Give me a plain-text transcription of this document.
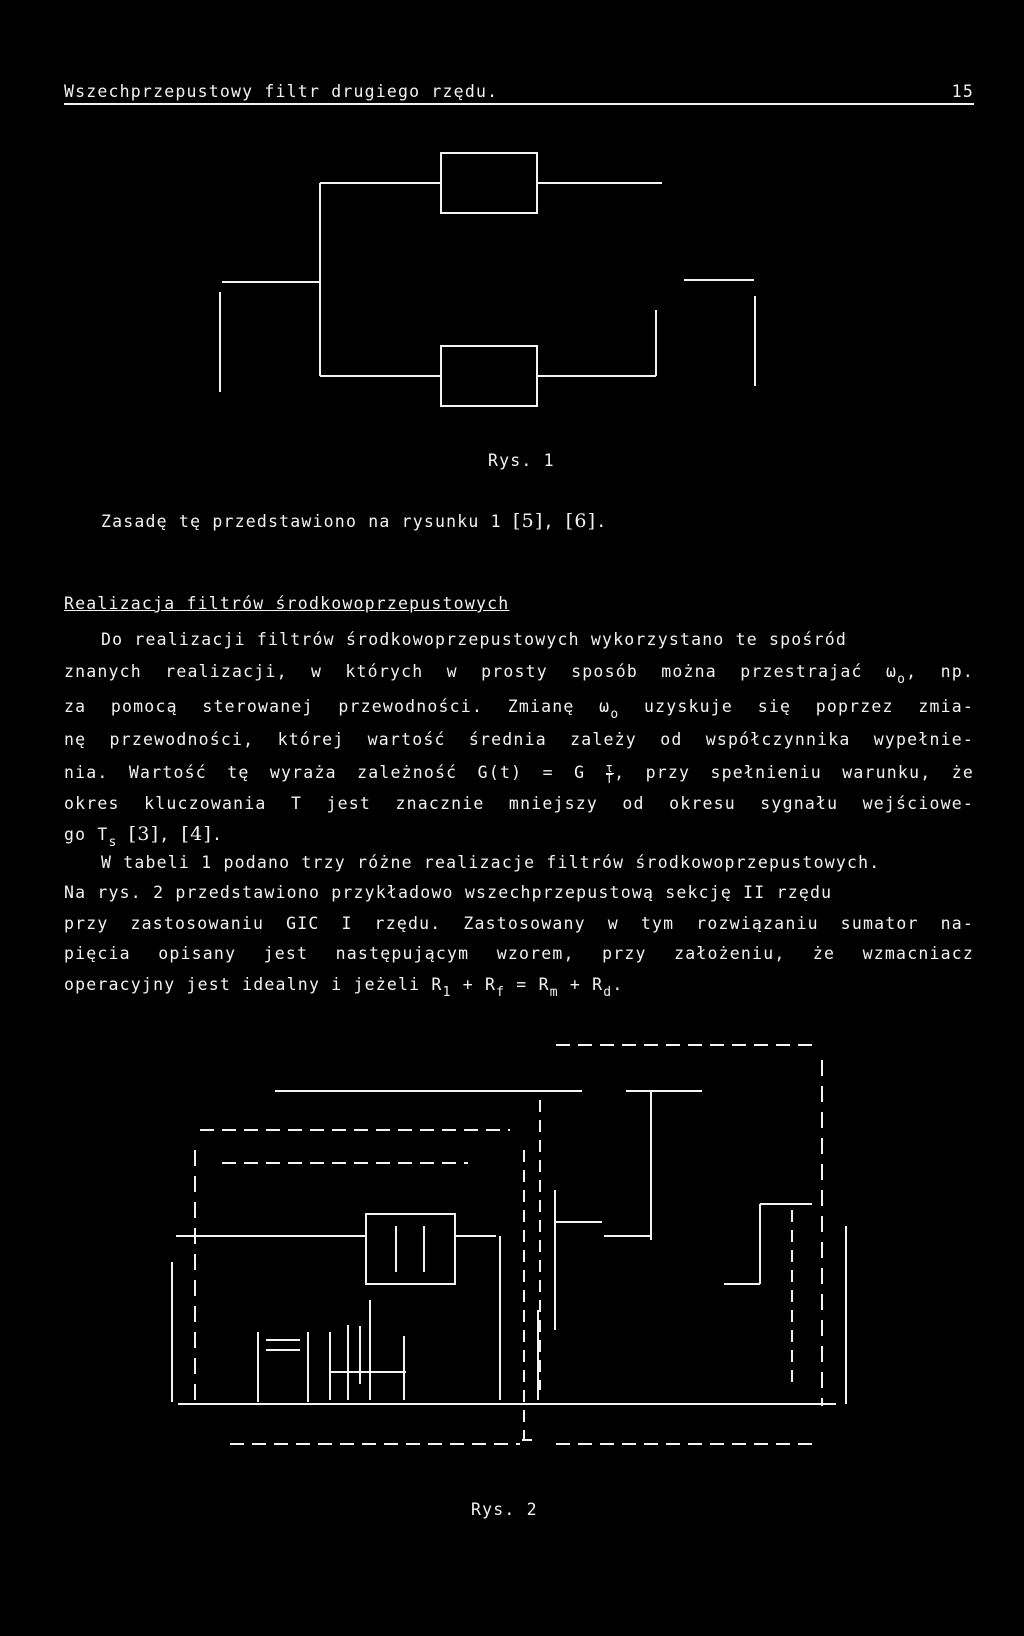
Wszechprzepustowy filtr drugiego rzędu.	15
Rys. 1
Zasadę tę przedstawiono na rysunku 1 [5], [6].
Realizacja filtrów środkowoprzepustowych
Do realizacji filtrów środkowoprzepustowych wykorzystano te spośród
znanych realizacji, w których w prosty sposób można przestrajać $\omega_o$, np.
za pomocą sterowanej przewodności. Zmianę $\omega_o$ uzyskuje się poprzez zmia-
nę przewodności, której wartość średnia zależy od współczynnika wypełnie-
nia. Wartość tę wyraża zależność G(t) = G $\frac{\tau}{T}$ , przy spełnieniu warunku, że
okres kluczowania T jest znacznie mniejszy od okresu sygnału wejściowe-
go $T_s$ [3], [4].
W tabeli 1 podano trzy różne realizacje filtrów środkowoprzepustowych.
Na rys. 2 przedstawiono przykładowo wszechprzepustową sekcję II rzędu
przy zastosowaniu GIC I rzędu. Zastosowany w tym rozwiązaniu sumator na-
pięcia opisany jest następującym wzorem, przy założeniu, że wzmacniacz
operacyjny jest idealny i jeżeli $R_1 + R_f = R_m + R_d$.
Rys. 2
